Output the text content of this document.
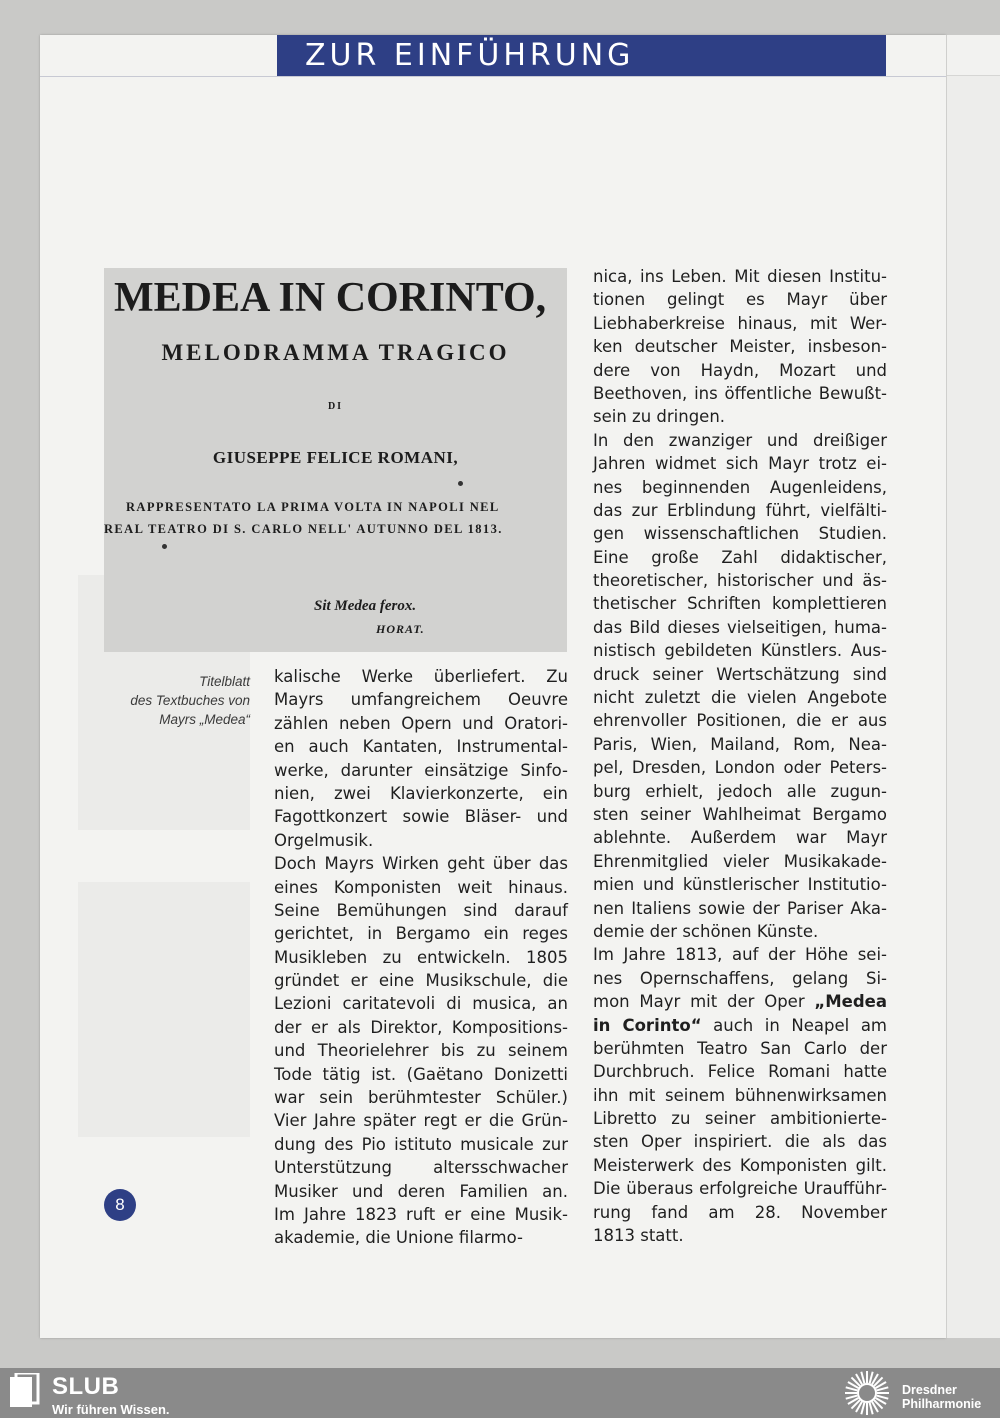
ZUR EINFÜHRUNG
MEDEA IN CORINTO,
MELODRAMMA TRAGICO
DI
GIUSEPPE FELICE ROMANI,
RAPPRESENTATO LA PRIMA VOLTA IN NAPOLI NEL
REAL TEATRO DI S. CARLO NELL' AUTUNNO DEL 1813.
Sit Medea ferox.
HORAT.
Titelblatt
des Textbuches von
Mayrs „Medea“
kalische Werke überliefert. Zu
Mayrs umfangreichem Oeuvre
zählen neben Opern und Oratori-
en auch Kantaten, Instrumental-
werke, darunter einsätzige Sinfo-
nien, zwei Klavierkonzerte, ein
Fagottkonzert sowie Bläser- und
Orgelmusik.
Doch Mayrs Wirken geht über das
eines Komponisten weit hinaus.
Seine Bemühungen sind darauf
gerichtet, in Bergamo ein reges
Musikleben zu entwickeln. 1805
gründet er eine Musikschule, die
Lezioni caritatevoli di musica, an
der er als Direktor, Kompositions-
und Theorielehrer bis zu seinem
Tode tätig ist. (Gaëtano Donizetti
war sein berühmtester Schüler.)
Vier Jahre später regt er die Grün-
dung des Pio istituto musicale zur
Unterstützung altersschwacher
Musiker und deren Familien an.
Im Jahre 1823 ruft er eine Musik-
akademie, die Unione filarmo-
nica, ins Leben. Mit diesen Institu-
tionen gelingt es Mayr über
Liebhaberkreise hinaus, mit Wer-
ken deutscher Meister, insbeson-
dere von Haydn, Mozart und
Beethoven, ins öffentliche Bewußt-
sein zu dringen.
In den zwanziger und dreißiger
Jahren widmet sich Mayr trotz ei-
nes beginnenden Augenleidens,
das zur Erblindung führt, vielfälti-
gen wissenschaftlichen Studien.
Eine große Zahl didaktischer,
theoretischer, historischer und äs-
thetischer Schriften komplettieren
das Bild dieses vielseitigen, huma-
nistisch gebildeten Künstlers. Aus-
druck seiner Wertschätzung sind
nicht zuletzt die vielen Angebote
ehrenvoller Positionen, die er aus
Paris, Wien, Mailand, Rom, Nea-
pel, Dresden, London oder Peters-
burg erhielt, jedoch alle zugun-
sten seiner Wahlheimat Bergamo
ablehnte. Außerdem war Mayr
Ehrenmitglied vieler Musikakade-
mien und künstlerischer Institutio-
nen Italiens sowie der Pariser Aka-
demie der schönen Künste.
Im Jahre 1813, auf der Höhe sei-
nes Opernschaffens, gelang Si-
mon Mayr mit der Oper „Medea
in Corinto“ auch in Neapel am
berühmten Teatro San Carlo der
Durchbruch. Felice Romani hatte
ihn mit seinem bühnenwirksamen
Libretto zu seiner ambitionierte-
sten Oper inspiriert. die als das
Meisterwerk des Komponisten gilt.
Die überaus erfolgreiche Uraufführ-
rung fand am 28. November
1813 statt.
8
SLUB
Wir führen Wissen.
Dresdner
Philharmonie
